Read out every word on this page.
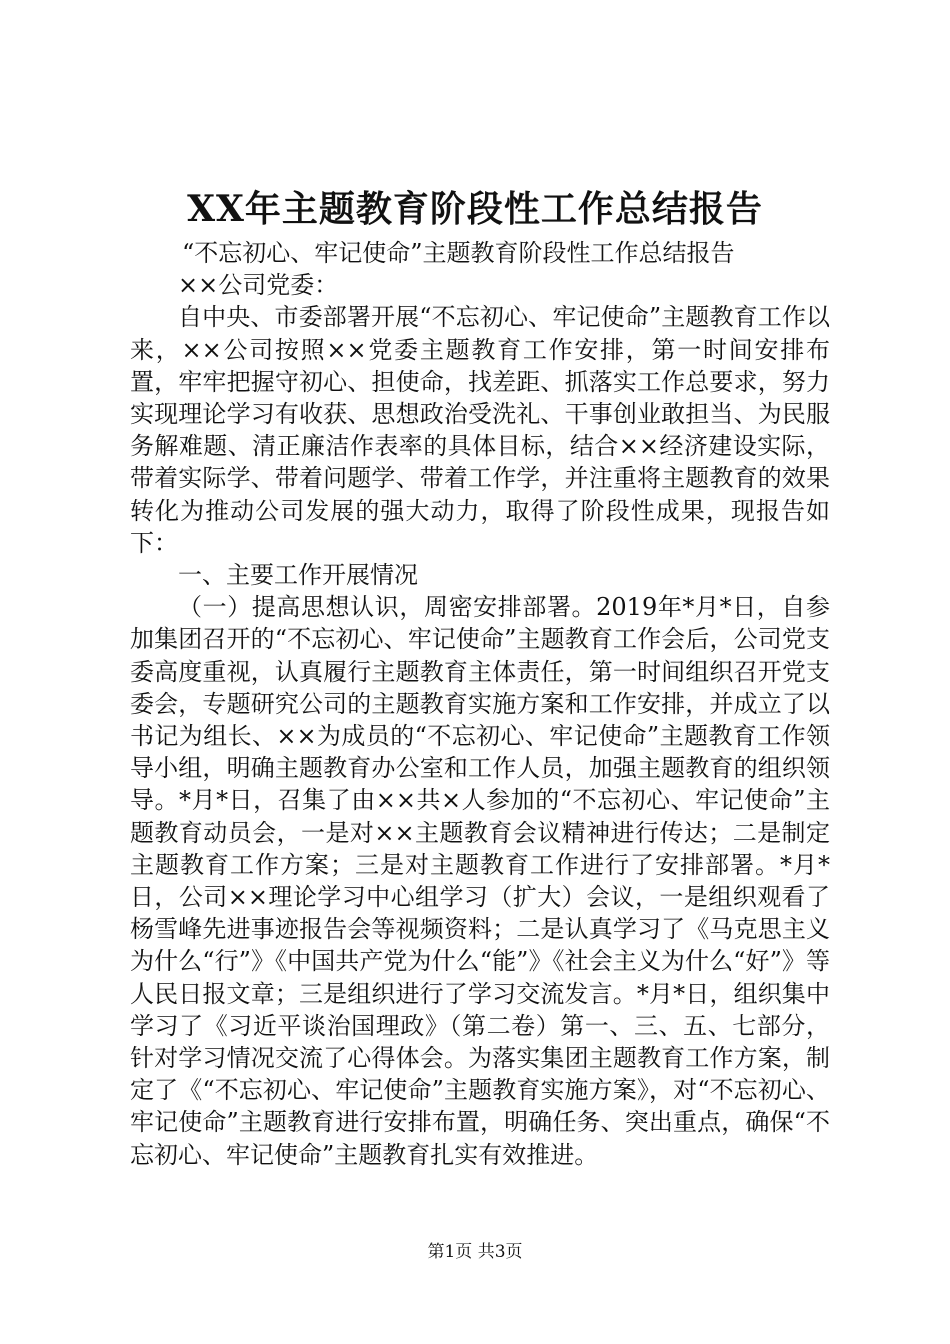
XX年主题教育阶段性工作总结报告

“不忘初心、牢记使命”主题教育阶段性工作总结报告

××公司党委：

自中央、市委部署开展“不忘初心、牢记使命”主题教育工作以来，××公司按照××党委主题教育工作安排，第一时间安排布置，牢牢把握守初心、担使命，找差距、抓落实工作总要求，努力实现理论学习有收获、思想政治受洗礼、干事创业敢担当、为民服务解难题、清正廉洁作表率的具体目标，结合××经济建设实际，带着实际学、带着问题学、带着工作学，并注重将主题教育的效果转化为推动公司发展的强大动力，取得了阶段性成果，现报告如下：

一、主要工作开展情况

（一）提高思想认识，周密安排部署。2019年*月*日，自参加集团召开的“不忘初心、牢记使命”主题教育工作会后，公司党支委高度重视，认真履行主题教育主体责任，第一时间组织召开党支委会，专题研究公司的主题教育实施方案和工作安排，并成立了以书记为组长、××为成员的“不忘初心、牢记使命”主题教育工作领导小组，明确主题教育办公室和工作人员，加强主题教育的组织领导。*月*日，召集了由××共×人参加的“不忘初心、牢记使命”主题教育动员会，一是对××主题教育会议精神进行传达；二是制定主题教育工作方案；三是对主题教育工作进行了安排部署。*月*日，公司××理论学习中心组学习（扩大）会议，一是组织观看了杨雪峰先进事迹报告会等视频资料；二是认真学习了《马克思主义为什么“行”》《中国共产党为什么“能”》《社会主义为什么“好”》等人民日报文章；三是组织进行了学习交流发言。*月*日，组织集中学习了《习近平谈治国理政》（第二卷）第一、三、五、七部分，针对学习情况交流了心得体会。为落实集团主题教育工作方案，制定了《“不忘初心、牢记使命”主题教育实施方案》，对“不忘初心、牢记使命”主题教育进行安排布置，明确任务、突出重点，确保“不忘初心、牢记使命”主题教育扎实有效推进。

第1页 共3页
